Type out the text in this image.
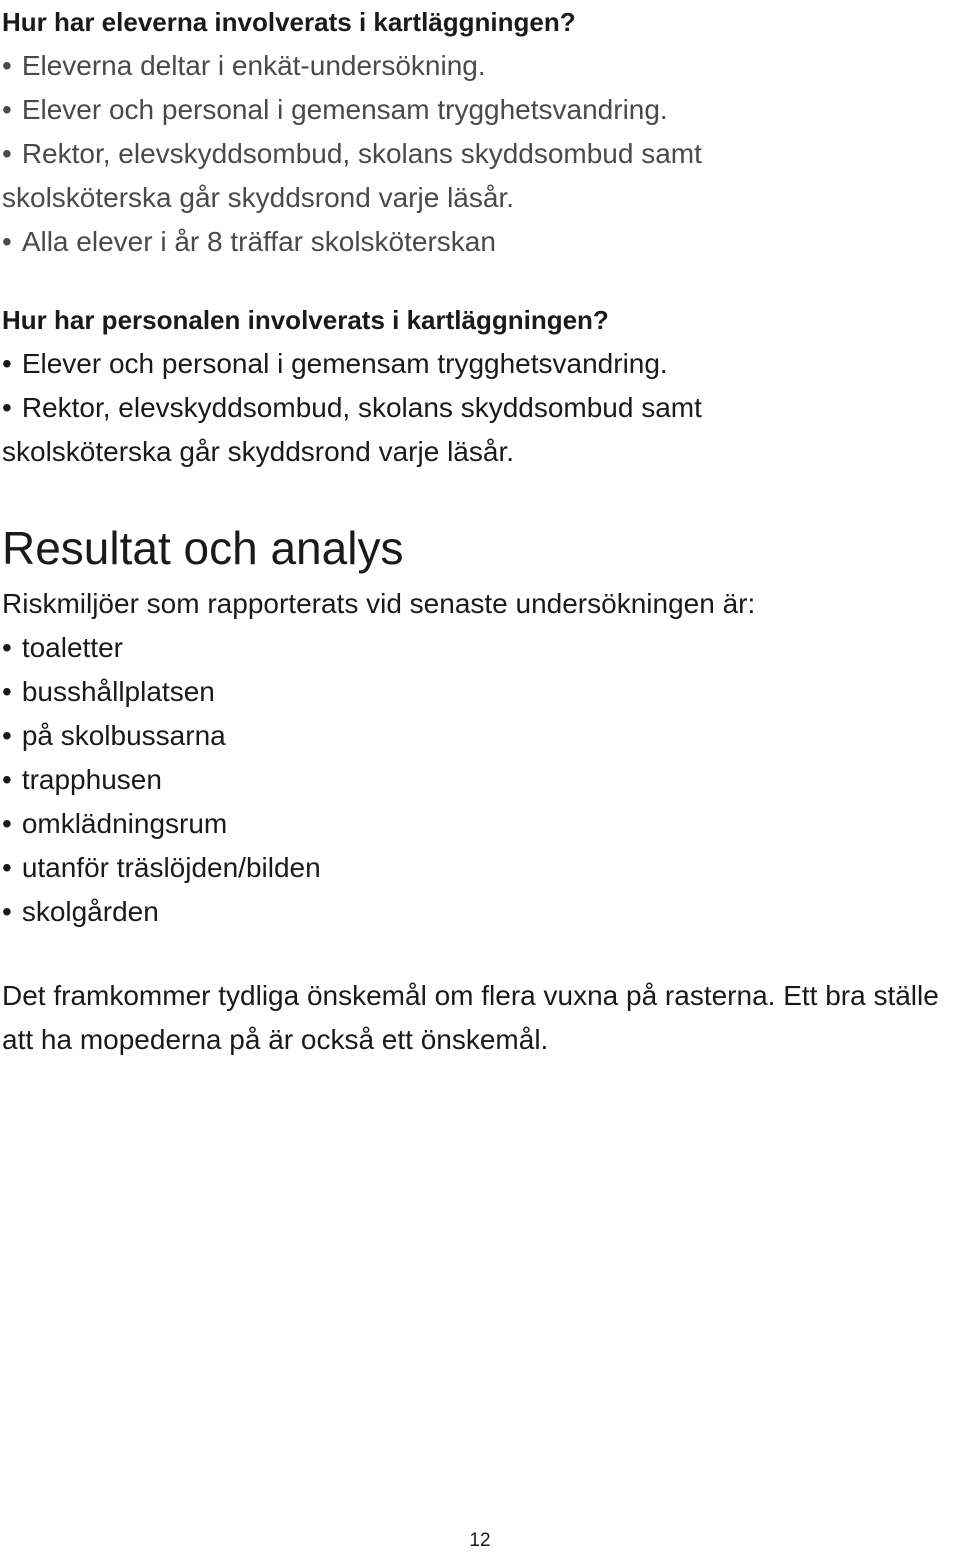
Hur har eleverna involverats i kartläggningen?

• Eleverna deltar i enkät-undersökning.

• Elever och personal i gemensam trygghetsvandring.

• Rektor, elevskyddsombud, skolans skyddsombud samt

skolsköterska går skyddsrond varje läsår.

• Alla elever i år 8 träffar skolsköterskan

Hur har personalen involverats i kartläggningen?

• Elever och personal i gemensam trygghetsvandring.

• Rektor, elevskyddsombud, skolans skyddsombud samt

skolsköterska går skyddsrond varje läsår.

Resultat och analys

Riskmiljöer som rapporterats vid senaste undersökningen är:

• toaletter

• busshållplatsen

• på skolbussarna

• trapphusen

• omklädningsrum

• utanför träslöjden/bilden

• skolgården

Det framkommer tydliga önskemål om flera vuxna på rasterna. Ett bra ställe att ha mopederna på är också ett önskemål.

12
